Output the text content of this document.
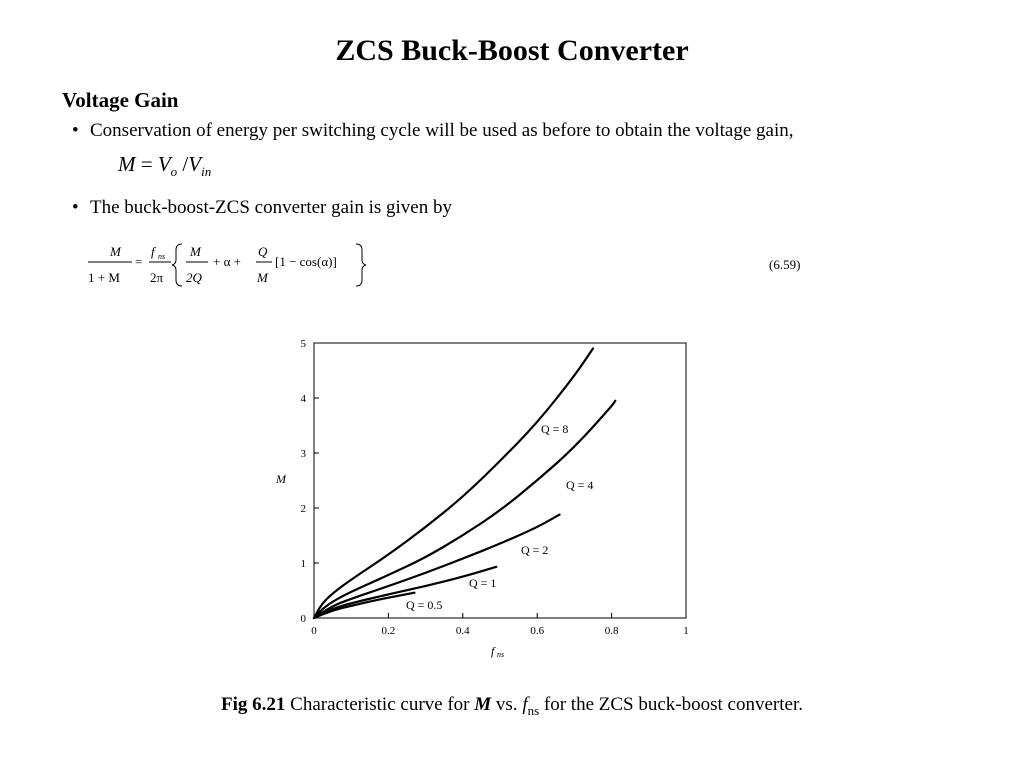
ZCS Buck-Boost Converter
Voltage Gain
• Conservation of energy per switching cycle will be used as before to obtain the voltage gain,
$M = V_o$ $/V_{in}$
• The buck-boost-ZCS converter gain is given by
M
1 + M
=
f ns
2π
M
2Q
+ α +
Q
M
[1 − cos(α)]	(6.59)
0
1
2
3
4
5
0	0.2	0.4	0.6	0.8	1
M
f ns
Q = 8
Q = 4
Q = 2
Q = 1
Q = 0.5
Fig 6.21 Characteristic curve for M vs. $f_{ns}$ for the ZCS buck-boost converter.
